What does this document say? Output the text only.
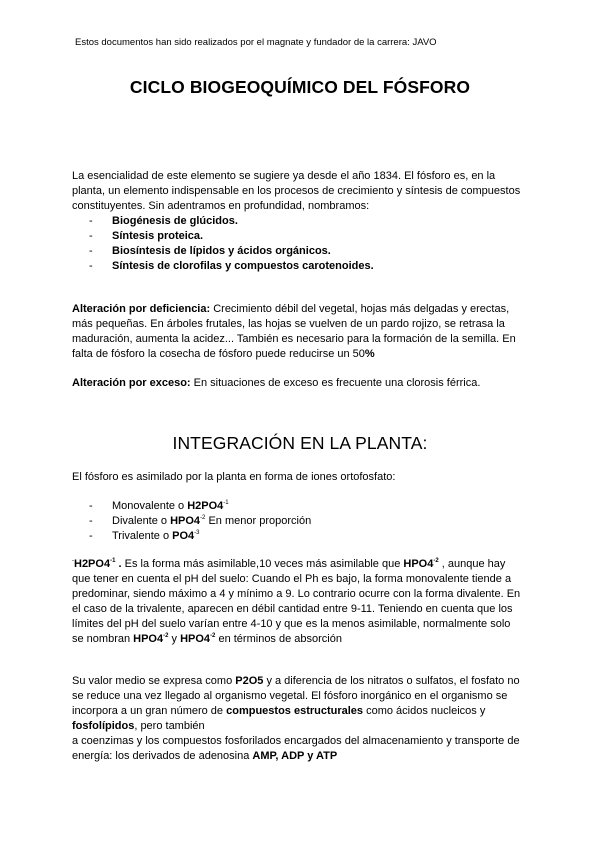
Estos documentos han sido realizados por el magnate y fundador de la carrera: JAVO
CICLO BIOGEOQUÍMICO DEL FÓSFORO
La esencialidad de este elemento se sugiere ya desde el año 1834. El fósforo es, en la
planta, un elemento indispensable en los procesos de crecimiento y síntesis de compuestos
constituyentes. Sin adentramos en profundidad, nombramos:
- Biogénesis de glúcidos.
- Síntesis proteica.
- Biosíntesis de lípidos y ácidos orgánicos.
- Síntesis de clorofilas y compuestos carotenoides.
Alteración por deficiencia: Crecimiento débil del vegetal, hojas más delgadas y erectas,
más pequeñas. En árboles frutales, las hojas se vuelven de un pardo rojizo, se retrasa la
maduración, aumenta la acidez... También es necesario para la formación de la semilla. En
falta de fósforo la cosecha de fósforo puede reducirse un 50%
Alteración por exceso: En situaciones de exceso es frecuente una clorosis férrica.
INTEGRACIÓN EN LA PLANTA:
El fósforo es asimilado por la planta en forma de iones ortofosfato:
- Monovalente o $H2PO4^{-1}$
- Divalente o $HPO4^{-2}$ En menor proporción
- Trivalente o $PO4^{-3}$
$^-H2PO4^{-1}$ . Es la forma más asimilable,10 veces más asimilable que $HPO4^{-2}$ , aunque hay
que tener en cuenta el pH del suelo: Cuando el Ph es bajo, la forma monovalente tiende a
predominar, siendo máximo a 4 y mínimo a 9. Lo contrario ocurre con la forma divalente. En
el caso de la trivalente, aparecen en débil cantidad entre 9-11. Teniendo en cuenta que los
límites del pH del suelo varían entre 4-10 y que es la menos asimilable, normalmente solo
se nombran $HPO4^{-2}$ y $HPO4^{-2}$ en términos de absorción
Su valor medio se expresa como P2O5 y a diferencia de los nitratos o sulfatos, el fosfato no
se reduce una vez llegado al organismo vegetal. El fósforo inorgánico en el organismo se
incorpora a un gran número de compuestos estructurales como ácidos nucleicos y
fosfolípidos, pero también
a coenzimas y los compuestos fosforilados encargados del almacenamiento y transporte de
energía: los derivados de adenosina AMP, ADP y ATP
